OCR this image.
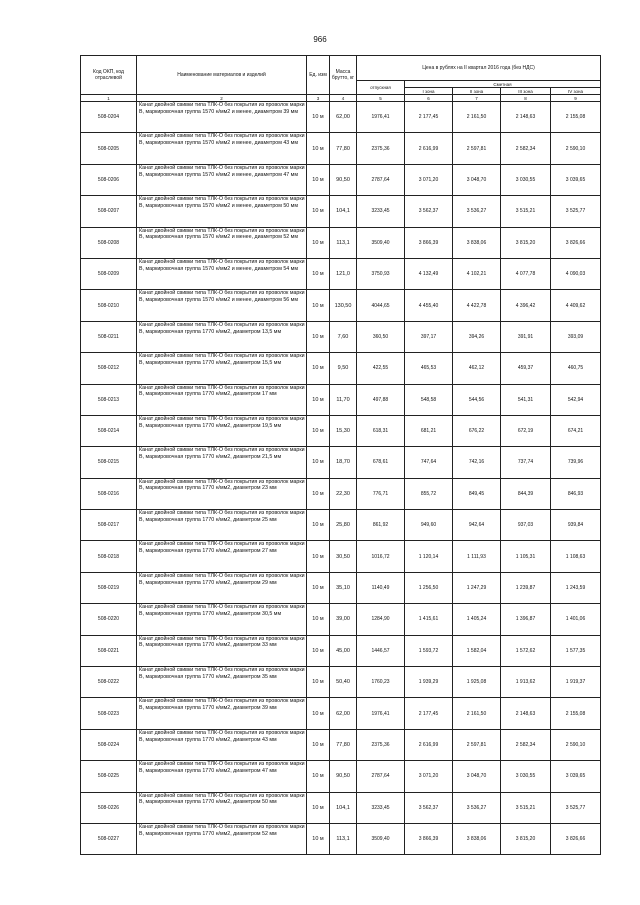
966
Код ОКП, код отраслевой	Наименование материалов и изделий	Ед. изм	Масса брутто, кг	Цена в рублях на II квартал 2016 года (без НДС)				
				отпускная	Сметная			
					I зона	II зона	III зона	IV зона
1	2	3	4	5	6	7	8	9
508-0204	Канат двойной свивки типа ТЛК-О без покрытия из проволок марки В, маркировочная группа 1570 н/мм2 и менее, диаметром 39 мм	10 м	62,00	1976,41	2 177,45	2 161,50	2 148,63	2 155,08
508-0205	Канат двойной свивки типа ТЛК-О без покрытия из проволок марки В, маркировочная группа 1570 н/мм2 и менее, диаметром 43 мм	10 м	77,80	2375,36	2 616,99	2 597,81	2 582,34	2 590,10
508-0206	Канат двойной свивки типа ТЛК-О без покрытия из проволок марки В, маркировочная группа 1570 н/мм2 и менее, диаметром 47 мм	10 м	90,50	2787,64	3 071,20	3 048,70	3 030,55	3 039,65
508-0207	Канат двойной свивки типа ТЛК-О без покрытия из проволок марки В, маркировочная группа 1570 н/мм2 и менее, диаметром 50 мм	10 м	104,1	3233,45	3 562,37	3 536,27	3 515,21	3 525,77
508-0208	Канат двойной свивки типа ТЛК-О без покрытия из проволок марки В, маркировочная группа 1570 н/мм2 и менее, диаметром 52 мм	10 м	113,1	3509,40	3 866,39	3 838,06	3 815,20	3 826,66
508-0209	Канат двойной свивки типа ТЛК-О без покрытия из проволок марки В, маркировочная группа 1570 н/мм2 и менее, диаметром 54 мм	10 м	121,0	3750,93	4 132,49	4 102,21	4 077,78	4 090,03
508-0210	Канат двойной свивки типа ТЛК-О без покрытия из проволок марки В, маркировочная группа 1570 н/мм2 и менее, диаметром 56 мм	10 м	130,50	4044,65	4 455,40	4 422,78	4 396,42	4 409,62
508-0211	Канат двойной свивки типа ТЛК-О без покрытия из проволок марки В, маркировочная группа 1770 н/мм2, диаметром 13,5 мм	10 м	7,60	360,50	397,17	394,26	391,91	393,09
508-0212	Канат двойной свивки типа ТЛК-О без покрытия из проволок марки В, маркировочная группа 1770 н/мм2, диаметром 15,5 мм	10 м	9,50	422,55	465,53	462,12	459,37	460,75
508-0213	Канат двойной свивки типа ТЛК-О без покрытия из проволок марки В, маркировочная группа 1770 н/мм2, диаметром 17 мм	10 м	11,70	497,88	548,58	544,56	541,31	542,94
508-0214	Канат двойной свивки типа ТЛК-О без покрытия из проволок марки В, маркировочная группа 1770 н/мм2, диаметром 19,5 мм	10 м	15,30	618,31	681,21	676,22	672,19	674,21
508-0215	Канат двойной свивки типа ТЛК-О без покрытия из проволок марки В, маркировочная группа 1770 н/мм2, диаметром 21,5 мм	10 м	18,70	678,61	747,64	742,16	737,74	739,96
508-0216	Канат двойной свивки типа ТЛК-О без покрытия из проволок марки В, маркировочная группа 1770 н/мм2, диаметром 23 мм	10 м	22,30	776,71	855,72	849,45	844,39	846,93
508-0217	Канат двойной свивки типа ТЛК-О без покрытия из проволок марки В, маркировочная группа 1770 н/мм2, диаметром 25 мм	10 м	25,80	861,92	949,60	942,64	937,03	939,84
508-0218	Канат двойной свивки типа ТЛК-О без покрытия из проволок марки В, маркировочная группа 1770 н/мм2, диаметром 27 мм	10 м	30,50	1016,72	1 120,14	1 111,93	1 105,31	1 108,63
508-0219	Канат двойной свивки типа ТЛК-О без покрытия из проволок марки В, маркировочная группа 1770 н/мм2, диаметром 29 мм	10 м	35,10	1140,49	1 256,50	1 247,29	1 239,87	1 243,59
508-0220	Канат двойной свивки типа ТЛК-О без покрытия из проволок марки В, маркировочная группа 1770 н/мм2, диаметром 30,5 мм	10 м	39,00	1284,90	1 415,61	1 405,24	1 396,87	1 401,06
508-0221	Канат двойной свивки типа ТЛК-О без покрытия из проволок марки В, маркировочная группа 1770 н/мм2, диаметром 33 мм	10 м	45,00	1446,57	1 593,72	1 582,04	1 572,62	1 577,35
508-0222	Канат двойной свивки типа ТЛК-О без покрытия из проволок марки В, маркировочная группа 1770 н/мм2, диаметром 35 мм	10 м	50,40	1760,23	1 939,29	1 925,08	1 913,62	1 919,37
508-0223	Канат двойной свивки типа ТЛК-О без покрытия из проволок марки В, маркировочная группа 1770 н/мм2, диаметром 39 мм	10 м	62,00	1976,41	2 177,45	2 161,50	2 148,63	2 155,08
508-0224	Канат двойной свивки типа ТЛК-О без покрытия из проволок марки В, маркировочная группа 1770 н/мм2, диаметром 43 мм	10 м	77,80	2375,36	2 616,99	2 597,81	2 582,34	2 590,10
508-0225	Канат двойной свивки типа ТЛК-О без покрытия из проволок марки В, маркировочная группа 1770 н/мм2, диаметром 47 мм	10 м	90,50	2787,64	3 071,20	3 048,70	3 030,55	3 039,65
508-0226	Канат двойной свивки типа ТЛК-О без покрытия из проволок марки В, маркировочная группа 1770 н/мм2, диаметром 50 мм	10 м	104,1	3233,45	3 562,37	3 536,27	3 515,21	3 525,77
508-0227	Канат двойной свивки типа ТЛК-О без покрытия из проволок марки В, маркировочная группа 1770 н/мм2, диаметром 52 мм	10 м	113,1	3509,40	3 866,39	3 838,06	3 815,20	3 826,66
